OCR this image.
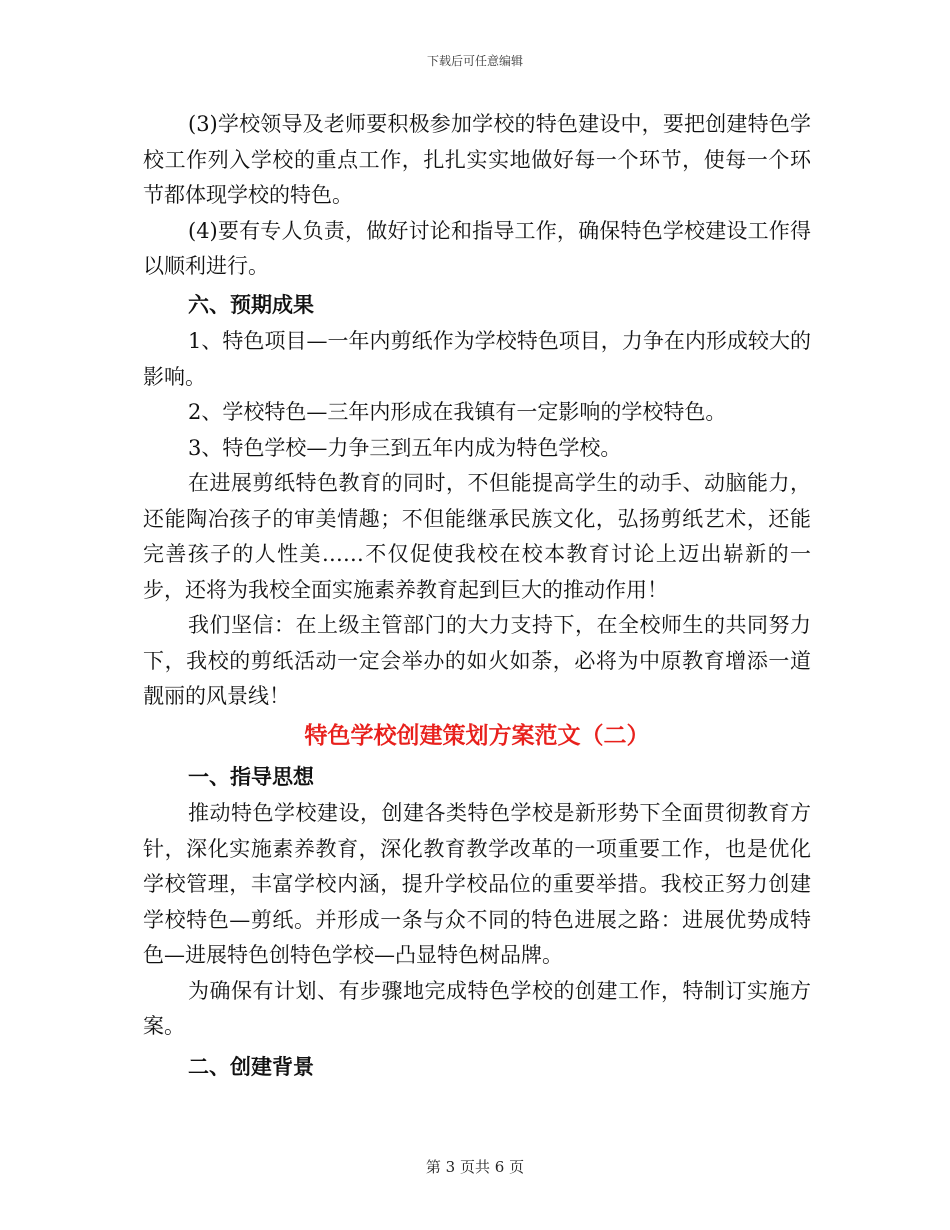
下载后可任意编辑

(3)学校领导及老师要积极参加学校的特色建设中，要把创建特色学校工作列入学校的重点工作，扎扎实实地做好每一个环节，使每一个环节都体现学校的特色。

(4)要有专人负责，做好讨论和指导工作，确保特色学校建设工作得以顺利进行。

六、预期成果

1、特色项目—一年内剪纸作为学校特色项目，力争在内形成较大的影响。

2、学校特色—三年内形成在我镇有一定影响的学校特色。

3、特色学校—力争三到五年内成为特色学校。

在进展剪纸特色教育的同时，不但能提高学生的动手、动脑能力，还能陶冶孩子的审美情趣；不但能继承民族文化，弘扬剪纸艺术，还能完善孩子的人性美……不仅促使我校在校本教育讨论上迈出崭新的一步，还将为我校全面实施素养教育起到巨大的推动作用！

我们坚信：在上级主管部门的大力支持下，在全校师生的共同努力下，我校的剪纸活动一定会举办的如火如荼，必将为中原教育增添一道靓丽的风景线！

特色学校创建策划方案范文（二）

一、指导思想

推动特色学校建设，创建各类特色学校是新形势下全面贯彻教育方针，深化实施素养教育，深化教育教学改革的一项重要工作，也是优化学校管理，丰富学校内涵，提升学校品位的重要举措。我校正努力创建学校特色—剪纸。并形成一条与众不同的特色进展之路：进展优势成特色—进展特色创特色学校—凸显特色树品牌。

为确保有计划、有步骤地完成特色学校的创建工作，特制订实施方案。

二、创建背景

第 3 页共 6 页
